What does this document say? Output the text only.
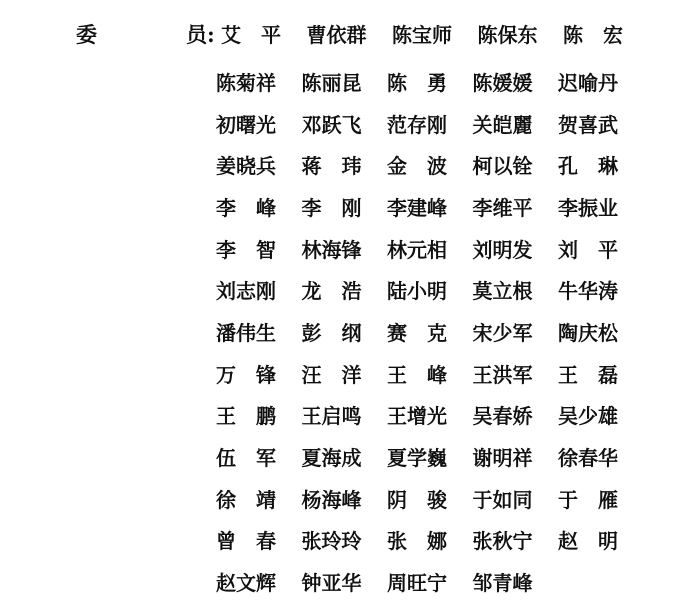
委	员: 艾　平	曹依群	陈宝师	陈保东	陈　宏
陈菊祥	陈丽昆	陈　勇	陈媛媛	迟喻丹
初曙光	邓跃飞	范存刚	关皑麗	贺喜武
姜晓兵	蒋　玮	金　波	柯以铨	孔　琳
李　峰	李　刚	李建峰	李维平	李振业
李　智	林海锋	林元相	刘明发	刘　平
刘志刚	龙　浩	陆小明	莫立根	牛华涛
潘伟生	彭　纲	赛　克	宋少军	陶庆松
万　锋	汪　洋	王　峰	王洪军	王　磊
王　鹏	王启鸣	王增光	吴春娇	吴少雄
伍　军	夏海成	夏学巍	谢明祥	徐春华
徐　靖	杨海峰	阴　骏	于如同	于　雁
曾　春	张玲玲	张　娜	张秋宁	赵　明
赵文辉	钟亚华	周旺宁	邹青峰
